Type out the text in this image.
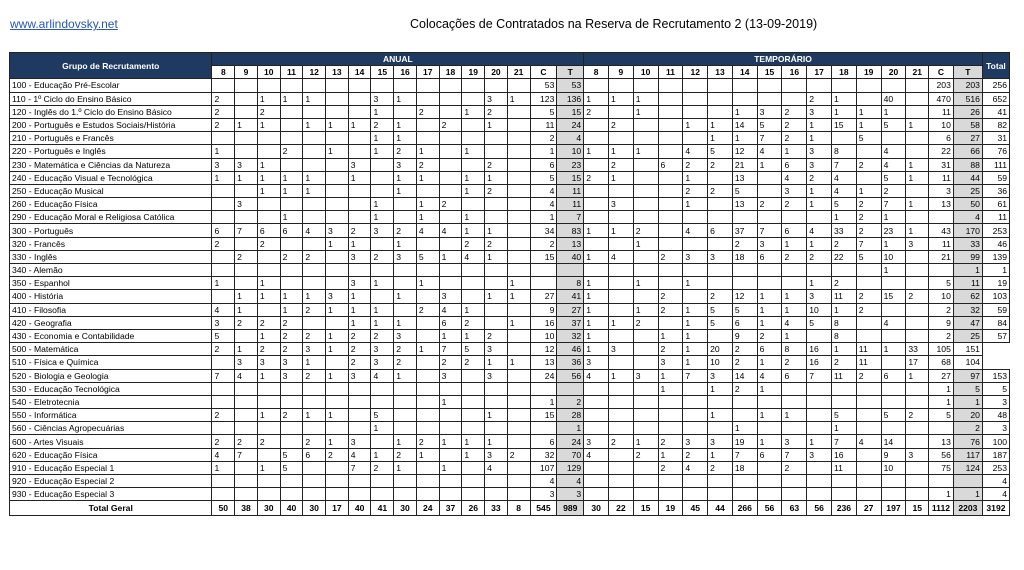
www.arlindovsky.net	Colocações de Contratados na Reserva de Recrutamento 2 (13-09-2019)
Grupo de Recrutamento	ANUAL																TEMPORÁRIO																Total
	8	9	10	11	12	13	14	15	16	17	18	19	20	21	C	T	8	9	10	11	12	13	14	15	16	17	18	19	20	21	C	T	
100 - Educação Pré-Escolar															53	53															203	203	256
110 - 1º Ciclo do Ensino Básico	2		1	1	1			3	1				3	1	123	136	1	1	1							2	1		40		470	516	652
120 - Inglês do 1.º Ciclo do Ensino Básico	2		2					1		2		1	2		5	15	2		1				1	3	2	3	1	1	1		11	26	41
200 - Português e Estudos Sociais/História	2	1	1		1	1	1	2	1		2		1		11	24		2			1	1	14	5	2	1	15	1	5	1	10	58	82
210 - Português e Francês								1	1						2	4						1	1	7	2	1		5			6	27	31
220 - Português e Inglês	1			2		1		1	2	1		1			1	10	1	1	1		4	5	12	4	1	3	8		4		22	66	76
230 - Matemática e Ciências da Natureza	3	3	1				3		3	2			2		6	23		2		6	2	2	21	1	6	3	7	2	4	1	31	88	111
240 - Educação Visual e Tecnológica	1	1	1	1	1		1		1	1		1	1		5	15	2	1			1		13		4	2	4		5	1	11	44	59
250 - Educação Musical			1	1	1				1			1	2		4	11					2	2	5		3	1	4	1	2		3	25	36
260 - Educação Física		3						1		1	2				4	11		3			1		13	2	2	1	5	2	7	1	13	50	61
290 - Educação Moral e Religiosa Católica				1				1		1		1			1	7											1	2	1			4	11
300 - Português	6	7	6	6	4	3	2	3	2	4	4	1	1		34	83	1	1	2		4	6	37	7	6	4	33	2	23	1	43	170	253
320 - Francês	2		2			1	1		1			2	2		2	13			1				2	3	1	1	2	7	1	3	11	33	46
330 - Inglês		2		2	2		3	2	3	5	1	4	1		15	40	1	4		2	3	3	18	6	2	2	22	5	10		21	99	139
340 - Alemão																													1			1	1
350 - Espanhol	1		1				3	1		1				1		8	1		1		1					1	2				5	11	19
400 - História		1	1	1	1	3	1		1		3		1	1	27	41	1			2		2	12	1	1	3	11	2	15	2	10	62	103
410 - Filosofia	4	1		1	2	1	1	1		2	4	1			9	27	1		1	2	1	5	5	1	1	10	1	2			2	32	59
420 - Geografia	3	2	2	2			1	1	1		6	2		1	16	37	1	1	2		1	5	6	1	4	5	8		4		9	47	84
430 - Economia e Contabilidade	5		1	2	2	1	2	2	3		1	1	2		10	32	1			1	1		9	2	1		8				2	25	57
500 - Matemática	2	1	2	2	3	1	2	3	2	1	7	5	3		12	46	1	3		2	1	20	2	6	8	16	1	11	1	33	105	151	
510 - Física e Química		3	3	3	1		2	3	2		2	2	1	1	13	36	3			3	1	10	2	1	2	16	2	11		17	68	104	
520 - Biologia e Geologia	7	4	1	3	2	1	3	4	1		3		3		24	56	4	1	3	1	7	3	14	4	6	7	11	2	6	1	27	97	153
530 - Educação Tecnológica																				1		1	2	1							1	5	5
540 - Eletrotecnia											1				1	2															1	1	3
550 - Informática	2		1	2	1	1		5					1		15	28						1		1	1		5		5	2	5	20	48
560 - Ciências Agropecuárias								1								1							1				1					2	3
600 - Artes Visuais	2	2	2		2	1	3		1	2	1	1	1		6	24	3	2	1	2	3	3	19	1	3	1	7	4	14		13	76	100
620 - Educação Física	4	7		5	6	2	4	1	2	1		1	3	2	32	70	4		2	1	2	1	7	6	7	3	16		9	3	56	117	187
910 - Educação Especial 1	1		1	5			7	2	1		1		4		107	129				2	4	2	18		2		11		10		75	124	253
920 - Educação Especial 2															4	4																	4
930 - Educação Especial 3															3	3															1	1	4
Total Geral	50	38	30	40	30	17	40	41	30	24	37	26	33	8	545	989	30	22	15	19	45	44	266	56	63	56	236	27	197	15	1112	2203	3192
